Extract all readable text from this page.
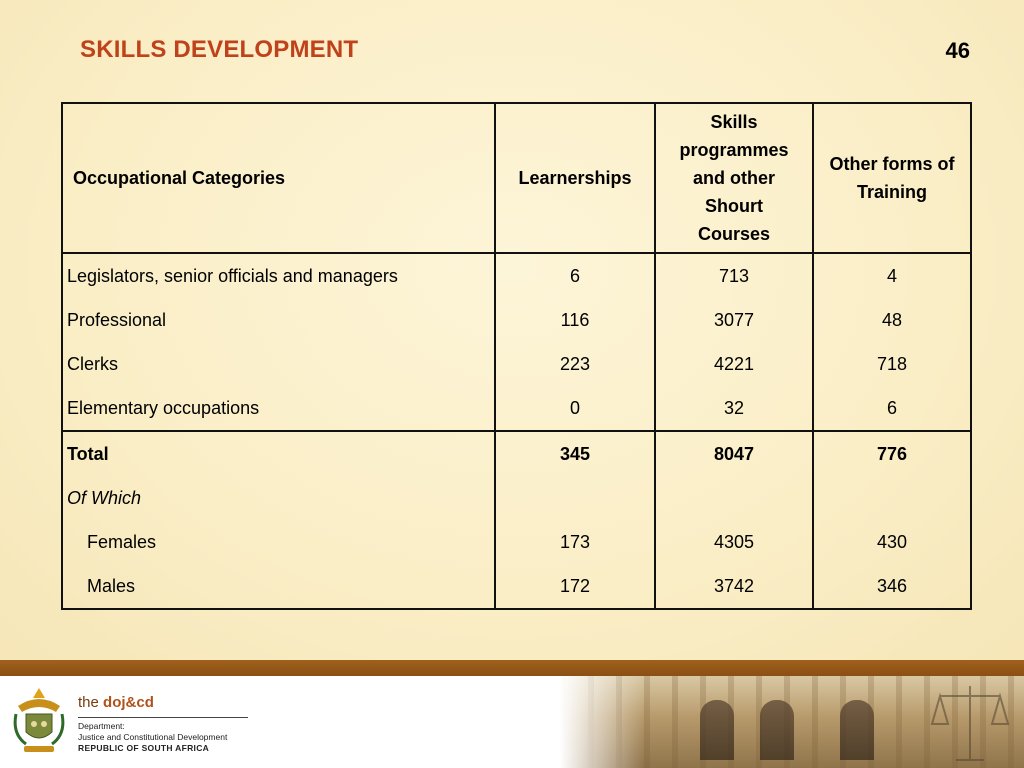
SKILLS DEVELOPMENT	46
Occupational Categories	Learnerships	Skills
programmes
and other
Shourt
Courses	Other forms of
Training
Legislators, senior officials and managers	6	713	4
Professional	116	3077	48
Clerks	223	4221	718
Elementary occupations	0	32	6
Total	345	8047	776
Of Which			
Females	173	4305	430
Males	172	3742	346
the doj&cd
Department:
Justice and Constitutional Development
REPUBLIC OF SOUTH AFRICA
